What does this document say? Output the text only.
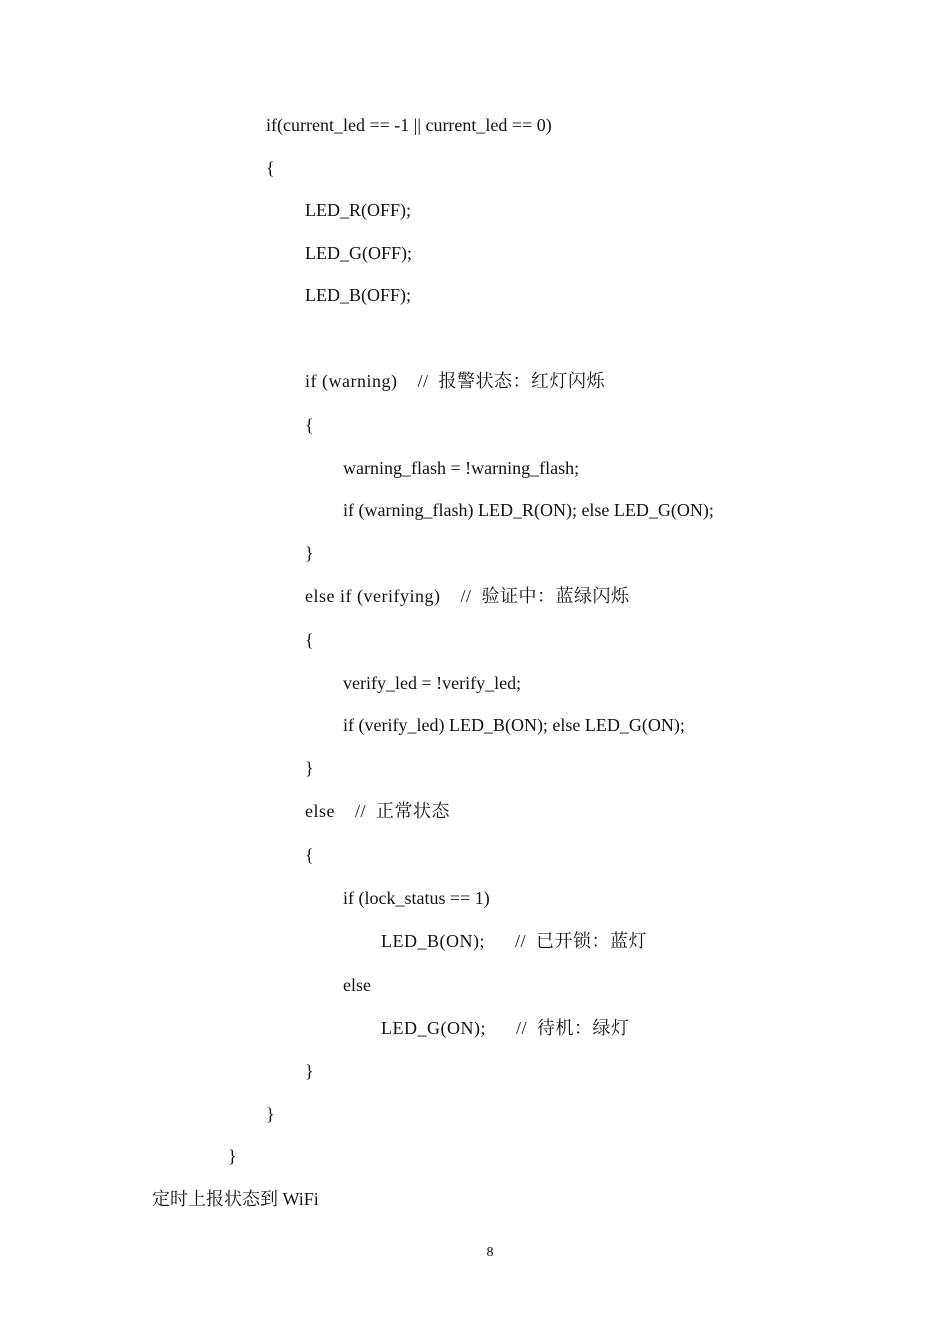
if(current_led == -1 || current_led == 0)
{
LED_R(OFF);
LED_G(OFF);
LED_B(OFF);
if (warning)    //  报警状态：红灯闪烁
{
warning_flash = !warning_flash;
if (warning_flash) LED_R(ON); else LED_G(ON);
}
else if (verifying)    //  验证中：蓝绿闪烁
{
verify_led = !verify_led;
if (verify_led) LED_B(ON); else LED_G(ON);
}
else    //  正常状态
{
if (lock_status == 1)
LED_B(ON);      //  已开锁：蓝灯
else
LED_G(ON);      //  待机：绿灯
}
}
}
定时上报状态到 WiFi
8
